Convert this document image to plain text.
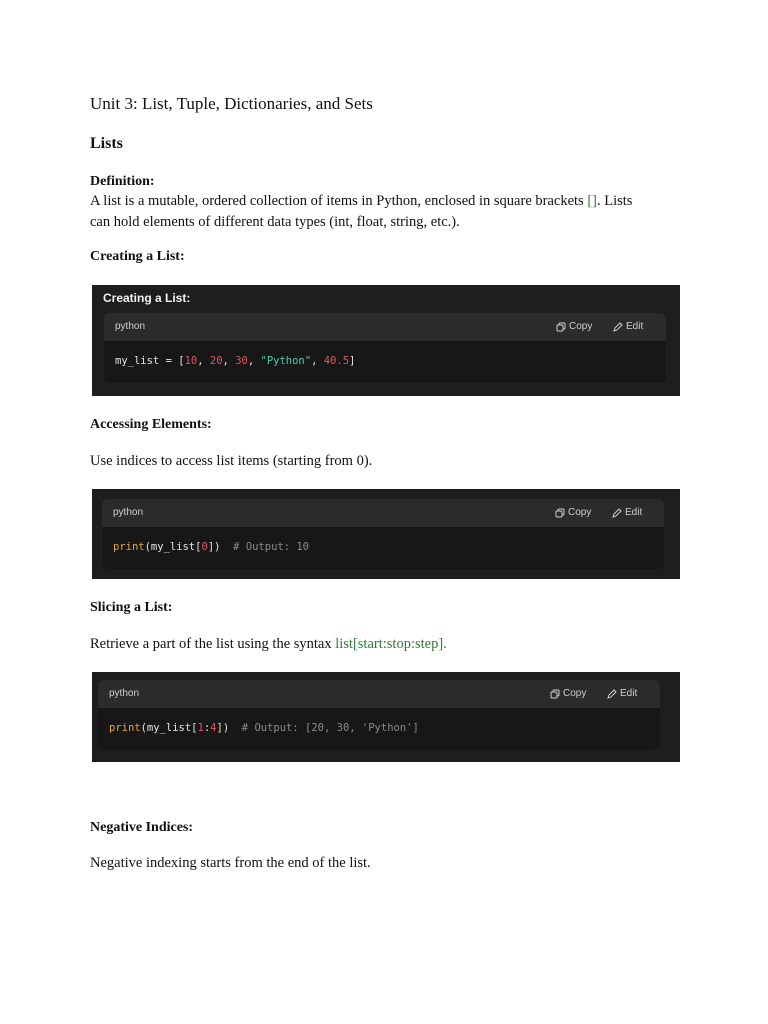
Unit 3: List, Tuple, Dictionaries, and Sets
Lists
Definition:
A list is a mutable, ordered collection of items in Python, enclosed in square brackets []. Lists
can hold elements of different data types (int, float, string, etc.).
Creating a List:
Creating a List:
python	Copy	Edit
my_list = [10, 20, 30, "Python", 40.5]
Accessing Elements:
Use indices to access list items (starting from 0).
python	Copy	Edit
print(my_list[0])  # Output: 10
Slicing a List:
Retrieve a part of the list using the syntax list[start:stop:step].
python	Copy	Edit
print(my_list[1:4])  # Output: [20, 30, 'Python']
Negative Indices:
Negative indexing starts from the end of the list.
